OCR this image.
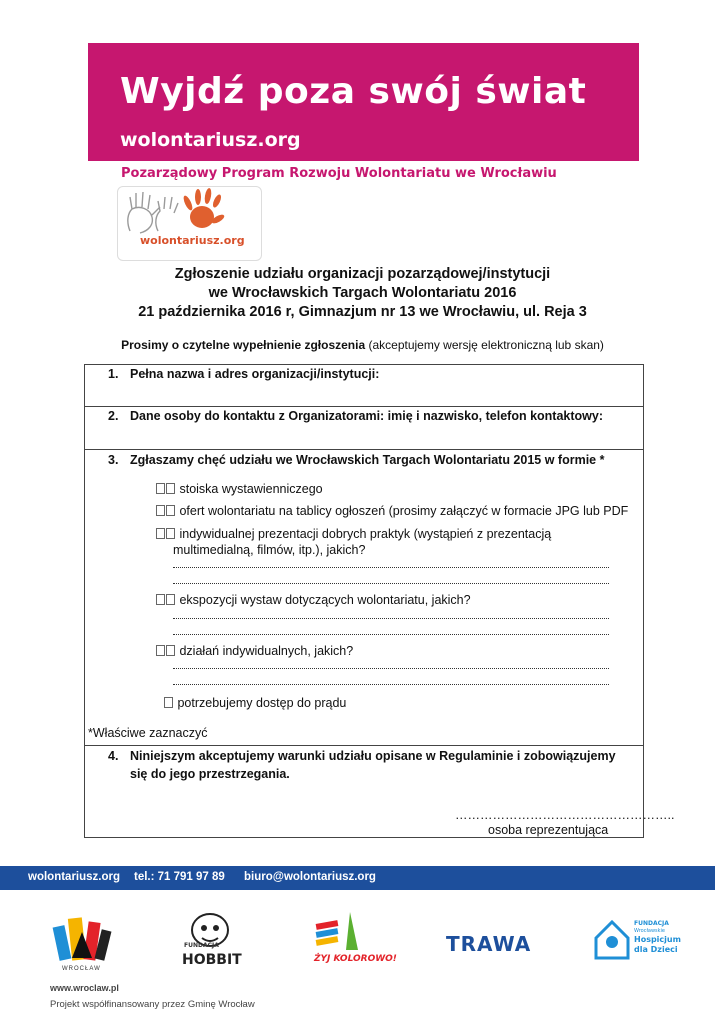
Wyjdź poza swój świat
wolontariusz.org
Pozarządowy Program Rozwoju Wolontariatu we Wrocławiu
wolontariusz.org
Zgłoszenie udziału organizacji pozarządowej/instytucji
we Wrocławskich Targach Wolontariatu 2016
21 października 2016 r, Gimnazjum nr 13 we Wrocławiu, ul. Reja 3
Prosimy o czytelne wypełnienie zgłoszenia (akceptujemy wersję elektroniczną lub skan)
1. Pełna nazwa i adres organizacji/instytucji:
2. Dane osoby do kontaktu z Organizatorami: imię i nazwisko, telefon kontaktowy:
3. Zgłaszamy chęć udziału we Wrocławskich Targach Wolontariatu 2015 w formie *
stoiska wystawienniczego
ofert wolontariatu na tablicy ogłoszeń (prosimy załączyć w formacie JPG lub PDF
indywidualnej prezentacji dobrych praktyk (wystąpień z prezentacją
multimedialną, filmów, itp.), jakich?
ekspozycji wystaw dotyczących wolontariatu, jakich?
działań indywidualnych, jakich?
potrzebujemy dostęp do prądu
*Właściwe zaznaczyć
4. Niniejszym akceptujemy warunki udziału opisane w Regulaminie i zobowiązujemy
się do jego przestrzegania.
……………………………………………..
osoba reprezentująca
wolontariusz.org tel.: 71 791 97 89 biuro@wolontariusz.org
WROCŁAW
FUNDACJA
HOBBIT	ŻYJ KOLOROWO!
TRAWA
FUNDACJA
Wrocławskie
Hospicjum
dla Dzieci
www.wroclaw.pl
Projekt współfinansowany przez Gminę Wrocław
